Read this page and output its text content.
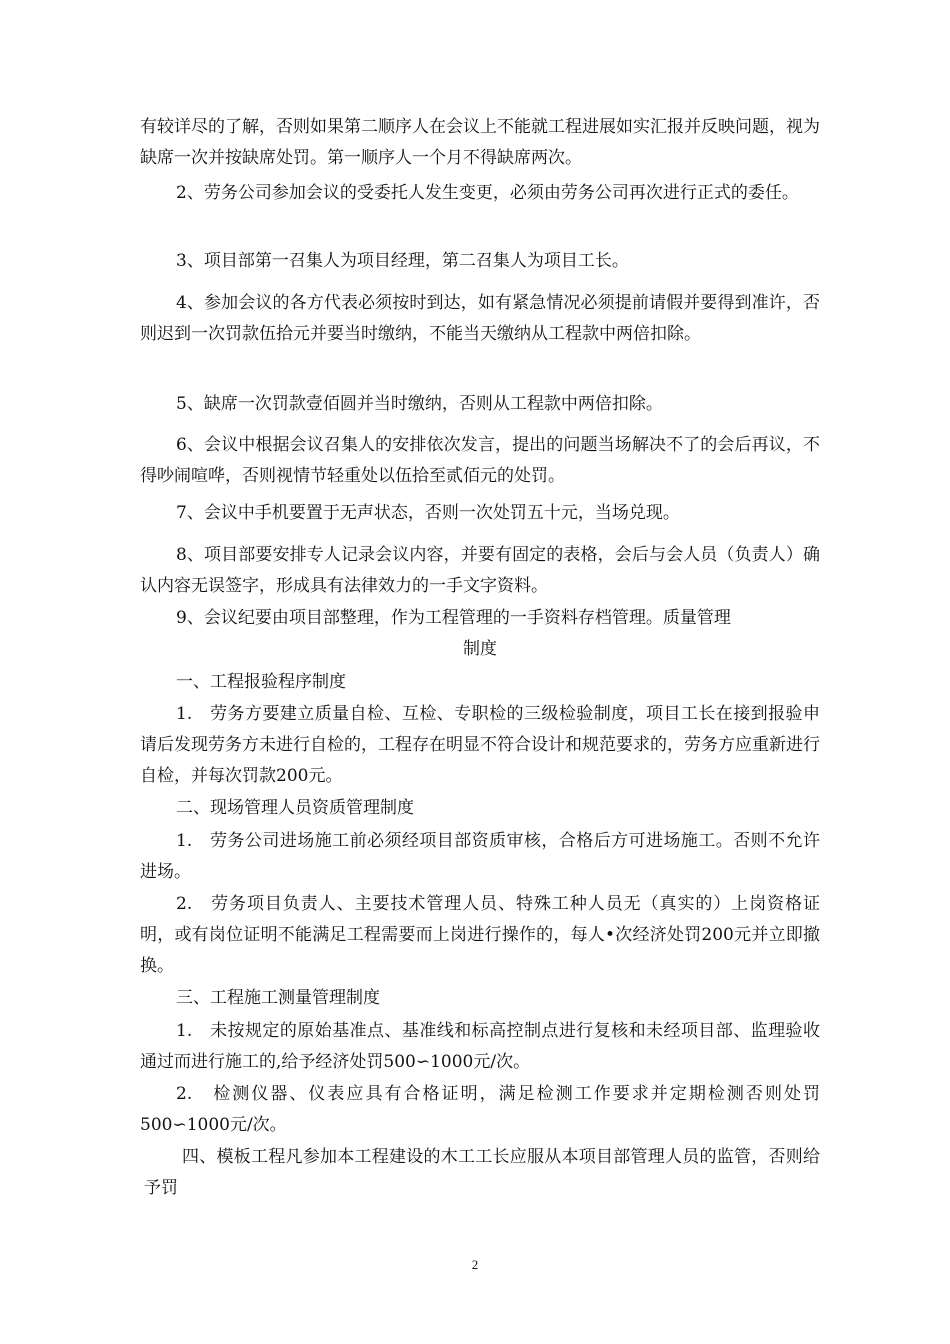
有较详尽的了解，否则如果第二顺序人在会议上不能就工程进展如实汇报并反映问题，视为缺席一次并按缺席处罚。第一顺序人一个月不得缺席两次。

2、劳务公司参加会议的受委托人发生变更，必须由劳务公司再次进行正式的委任。

3、项目部第一召集人为项目经理，第二召集人为项目工长。

4、参加会议的各方代表必须按时到达，如有紧急情况必须提前请假并要得到准许，否则迟到一次罚款伍拾元并要当时缴纳，不能当天缴纳从工程款中两倍扣除。

5、缺席一次罚款壹佰圆并当时缴纳，否则从工程款中两倍扣除。

6、会议中根据会议召集人的安排依次发言，提出的问题当场解决不了的会后再议，不得吵闹喧哗，否则视情节轻重处以伍拾至贰佰元的处罚。

7、会议中手机要置于无声状态，否则一次处罚五十元，当场兑现。

8、项目部要安排专人记录会议内容，并要有固定的表格，会后与会人员（负责人）确认内容无误签字，形成具有法律效力的一手文字资料。

9、会议纪要由项目部整理，作为工程管理的一手资料存档管理。质量管理

制度

一、工程报验程序制度

1.　劳务方要建立质量自检、互检、专职检的三级检验制度，项目工长在接到报验申请后发现劳务方未进行自检的，工程存在明显不符合设计和规范要求的，劳务方应重新进行自检，并每次罚款200元。

二、现场管理人员资质管理制度

1.　劳务公司进场施工前必须经项目部资质审核，合格后方可进场施工。否则不允许进场。

2.　劳务项目负责人、主要技术管理人员、特殊工种人员无（真实的）上岗资格证明，或有岗位证明不能满足工程需要而上岗进行操作的，每人•次经济处罚200元并立即撤换。

三、工程施工测量管理制度

1.　未按规定的原始基准点、基准线和标高控制点进行复核和未经项目部、监理验收通过而进行施工的,给予经济处罚500∽1000元/次。

2.　检测仪器、仪表应具有合格证明，满足检测工作要求并定期检测否则处罚500∽1000元/次。

四、模板工程凡参加本工程建设的木工工长应服从本项目部管理人员的监管，否则给予罚

2
